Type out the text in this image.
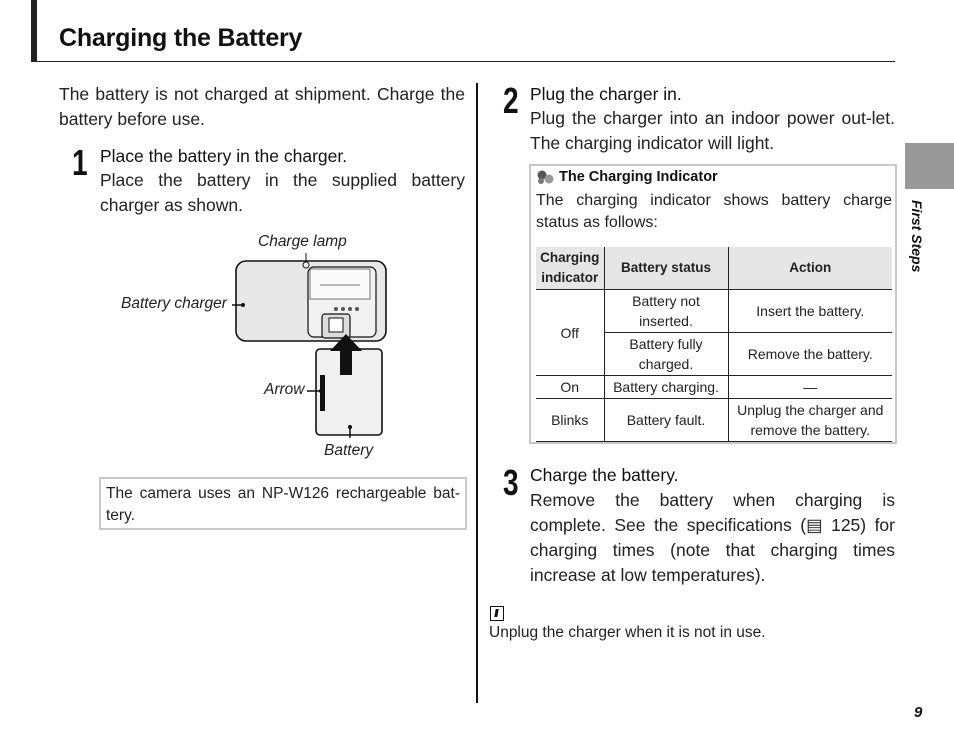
Charging the Battery

The battery is not charged at shipment. Charge the battery before use.

1 Place the battery in the charger.

Place the battery in the supplied battery charger as shown.

Charge lamp
Battery charger
Arrow
Battery
The camera uses an NP-W126 rechargeable bat-tery.
2 Plug the charger in.

Plug the charger into an indoor power out-let. The charging indicator will light.

The Charging Indicator

The charging indicator shows battery charge status as follows:

Charging indicator	Battery status	Action
Off	Battery not inserted.	Insert the battery.
	Battery fully charged.	Remove the battery.
On	Battery charging.	—
Blinks	Battery fault.	Unplug the charger and remove the battery.
3 Charge the battery.

Remove the battery when charging is complete. See the specifications (▤ 125) for charging times (note that charging times increase at low temperatures).

Unplug the charger when it is not in use.
First Steps
9
